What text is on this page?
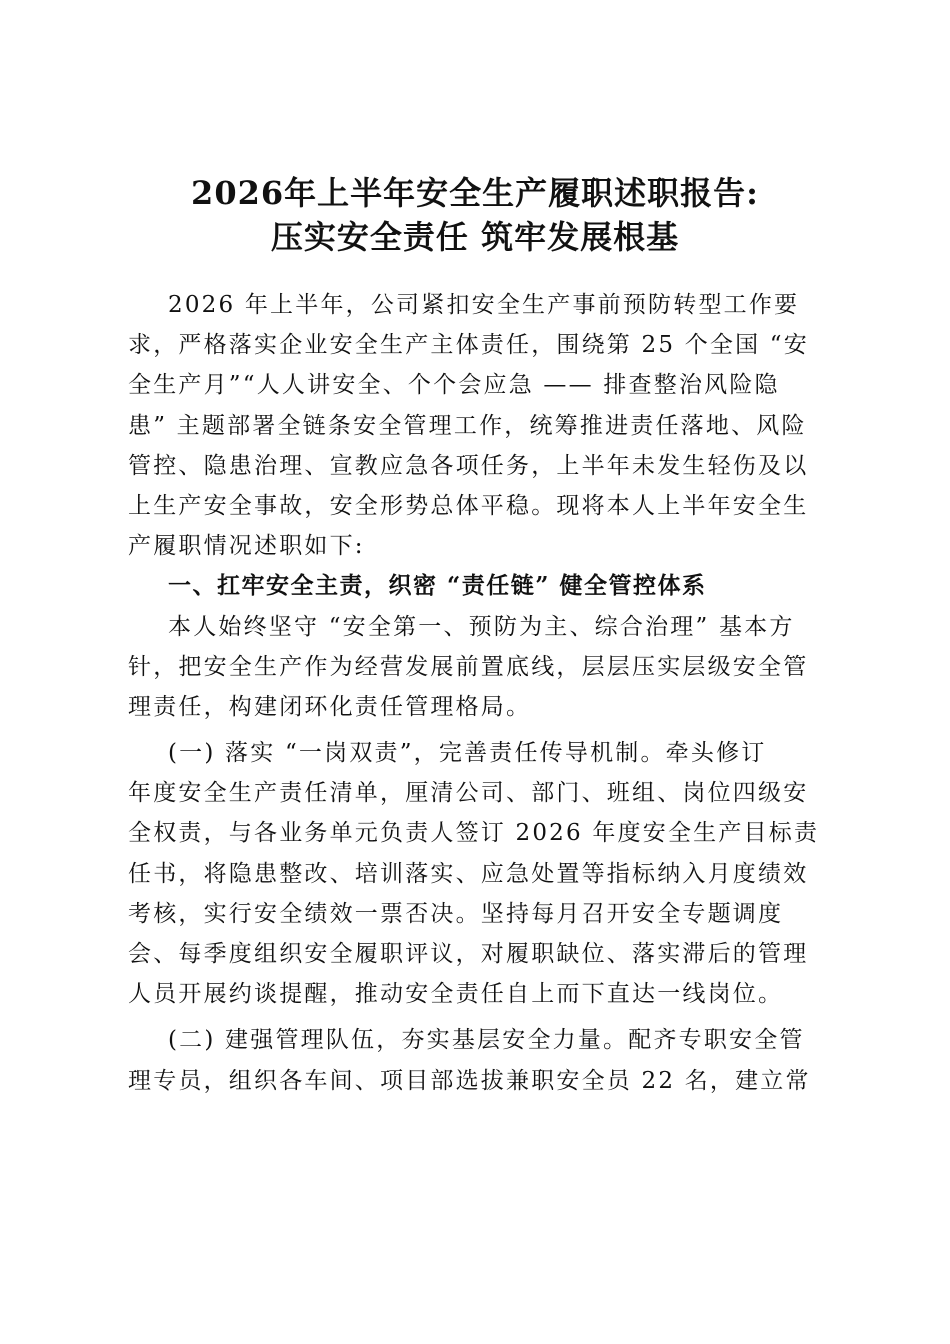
2026年上半年安全生产履职述职报告:
压实安全责任 筑牢发展根基
2026 年上半年，公司紧扣安全生产事前预防转型工作要
求，严格落实企业安全生产主体责任，围绕第 25 个全国 “安
全生产月”“人人讲安全、个个会应急 —— 排查整治风险隐
患” 主题部署全链条安全管理工作，统筹推进责任落地、风险
管控、隐患治理、宣教应急各项任务，上半年未发生轻伤及以
上生产安全事故，安全形势总体平稳。现将本人上半年安全生
产履职情况述职如下:
一、扛牢安全主责，织密 “责任链” 健全管控体系
本人始终坚守 “安全第一、预防为主、综合治理” 基本方
针，把安全生产作为经营发展前置底线，层层压实层级安全管
理责任，构建闭环化责任管理格局。
(一) 落实 “一岗双责”，完善责任传导机制。牵头修订
年度安全生产责任清单，厘清公司、部门、班组、岗位四级安
全权责，与各业务单元负责人签订 2026 年度安全生产目标责
任书，将隐患整改、培训落实、应急处置等指标纳入月度绩效
考核，实行安全绩效一票否决。坚持每月召开安全专题调度
会、每季度组织安全履职评议，对履职缺位、落实滞后的管理
人员开展约谈提醒，推动安全责任自上而下直达一线岗位。
(二) 建强管理队伍，夯实基层安全力量。配齐专职安全管
理专员，组织各车间、项目部选拔兼职安全员 22 名，建立常
